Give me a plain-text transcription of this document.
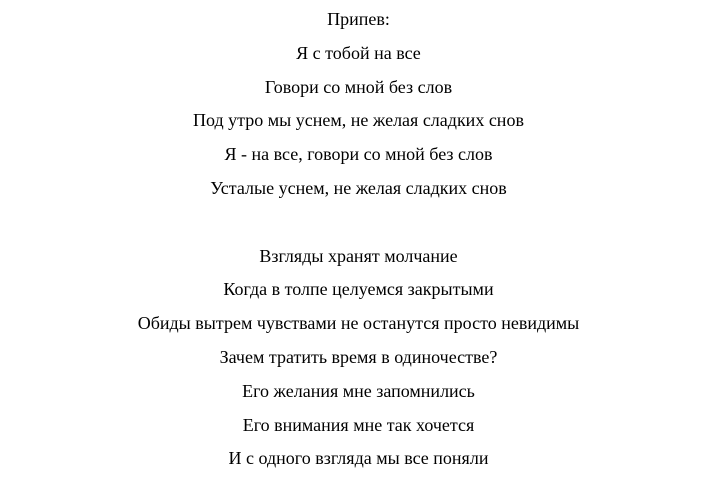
Припев:
Я с тобой на все
Говори со мной без слов
Под утро мы уснем, не желая сладких снов
Я - на все, говори со мной без слов
Усталые уснем, не желая сладких снов
Взгляды хранят молчание
Когда в толпе целуемся закрытыми
Обиды вытрем чувствами не останутся просто невидимы
Зачем тратить время в одиночестве?
Его желания мне запомнились
Его внимания мне так хочется
И с одного взгляда мы все поняли
